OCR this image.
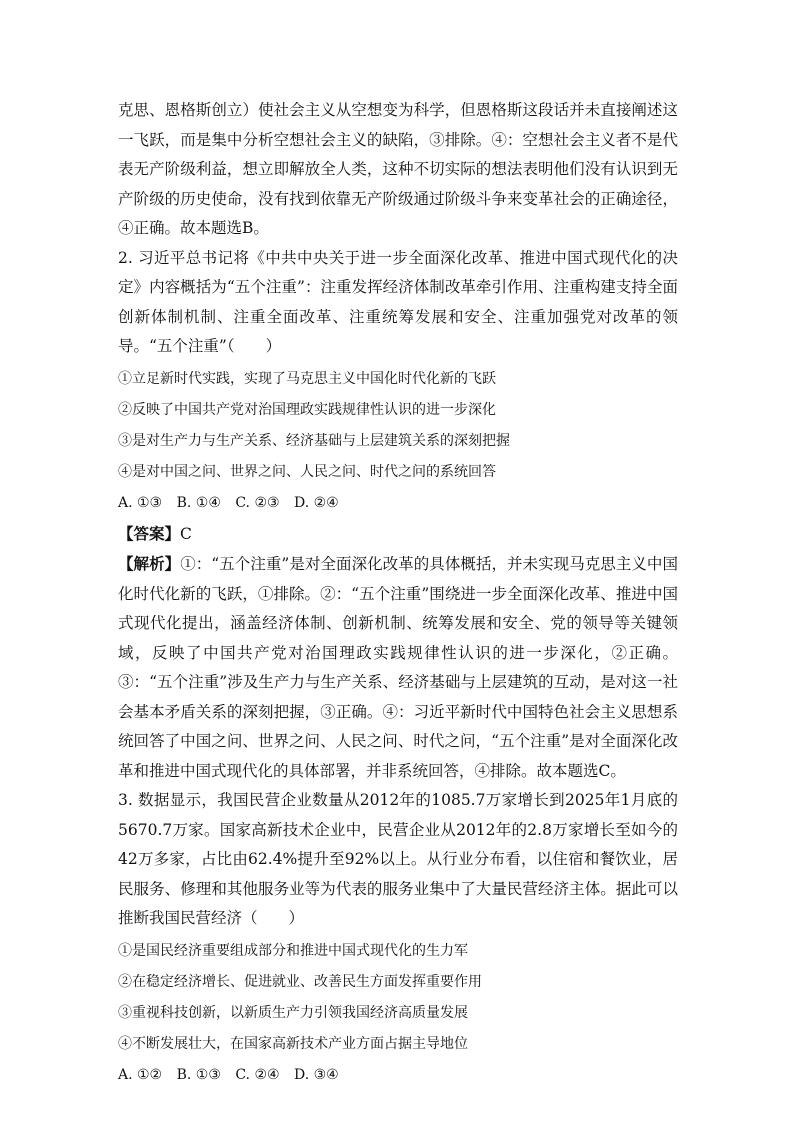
克思、恩格斯创立）使社会主义从空想变为科学，但恩格斯这段话并未直接阐述这一飞跃，而是集中分析空想社会主义的缺陷，③排除。④：空想社会主义者不是代表无产阶级利益，想立即解放全人类，这种不切实际的想法表明他们没有认识到无产阶级的历史使命，没有找到依靠无产阶级通过阶级斗争来变革社会的正确途径，④正确。故本题选B。

2. 习近平总书记将《中共中央关于进一步全面深化改革、推进中国式现代化的决定》内容概括为“五个注重”：注重发挥经济体制改革牵引作用、注重构建支持全面创新体制机制、注重全面改革、注重统筹发展和安全、注重加强党对改革的领导。“五个注重”（　　）

①立足新时代实践，实现了马克思主义中国化时代化新的飞跃

②反映了中国共产党对治国理政实践规律性认识的进一步深化

③是对生产力与生产关系、经济基础与上层建筑关系的深刻把握

④是对中国之问、世界之问、人民之问、时代之问的系统回答

A. ①③ B. ①④ C. ②③ D. ②④

【答案】C

【解析】①：“五个注重”是对全面深化改革的具体概括，并未实现马克思主义中国化时代化新的飞跃，①排除。②：“五个注重”围绕进一步全面深化改革、推进中国式现代化提出，涵盖经济体制、创新机制、统筹发展和安全、党的领导等关键领域，反映了中国共产党对治国理政实践规律性认识的进一步深化，②正确。③：“五个注重”涉及生产力与生产关系、经济基础与上层建筑的互动，是对这一社会基本矛盾关系的深刻把握，③正确。④：习近平新时代中国特色社会主义思想系统回答了中国之问、世界之问、人民之问、时代之问，“五个注重”是对全面深化改革和推进中国式现代化的具体部署，并非系统回答，④排除。故本题选C。

3. 数据显示，我国民营企业数量从2012年的1085.7万家增长到2025年1月底的5670.7万家。国家高新技术企业中，民营企业从2012年的2.8万家增长至如今的42万多家，占比由62.4%提升至92%以上。从行业分布看，以住宿和餐饮业，居民服务、修理和其他服务业等为代表的服务业集中了大量民营经济主体。据此可以推断我国民营经济（　　）

①是国民经济重要组成部分和推进中国式现代化的生力军

②在稳定经济增长、促进就业、改善民生方面发挥重要作用

③重视科技创新，以新质生产力引领我国经济高质量发展

④不断发展壮大，在国家高新技术产业方面占据主导地位

A. ①② B. ①③ C. ②④ D. ③④
